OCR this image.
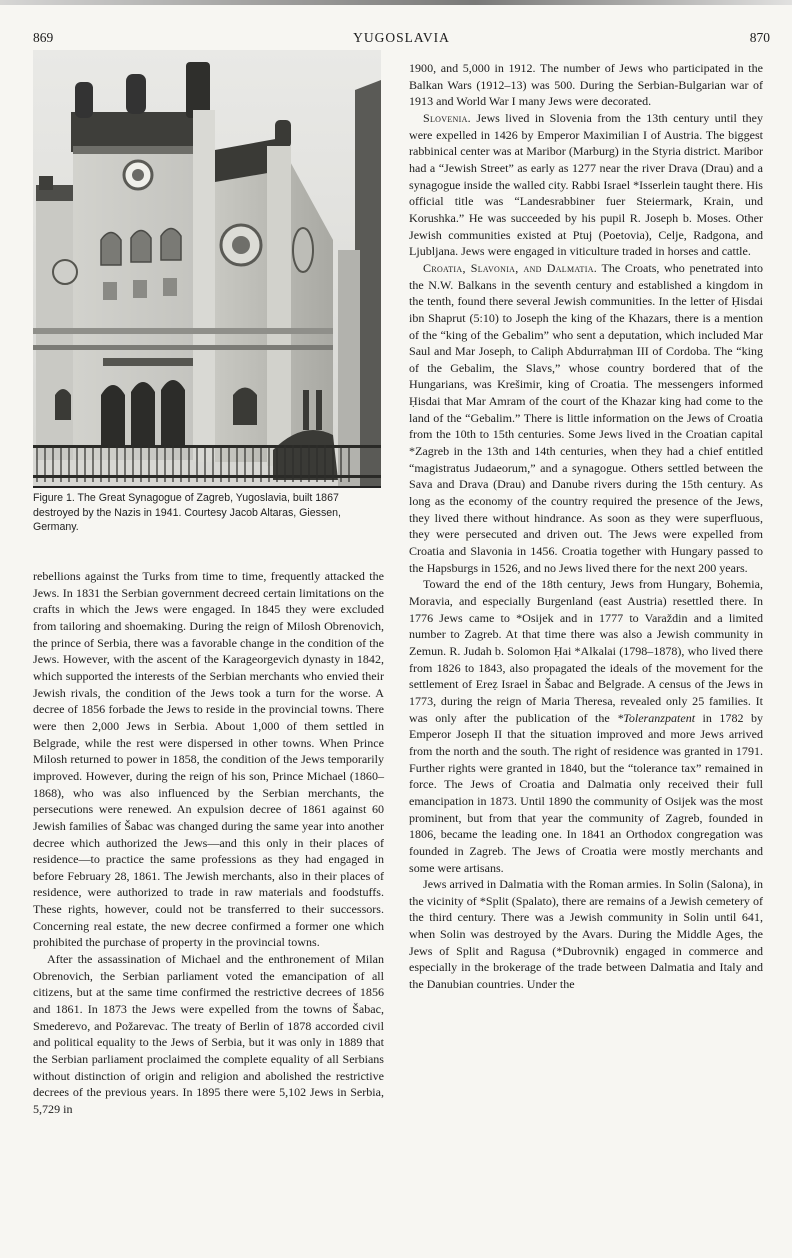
869	YUGOSLAVIA	870
Figure 1. The Great Synagogue of Zagreb, Yugoslavia, built 1867 destroyed by the Nazis in 1941. Courtesy Jacob Altaras, Giessen, Germany.

rebellions against the Turks from time to time, frequently attacked the Jews. In 1831 the Serbian government decreed certain limitations on the crafts in which the Jews were engaged. In 1845 they were excluded from tailoring and shoemaking. During the reign of Milosh Obrenovich, the prince of Serbia, there was a favorable change in the condition of the Jews. However, with the ascent of the Karageorgevich dynasty in 1842, which supported the interests of the Serbian merchants who envied their Jewish rivals, the condition of the Jews took a turn for the worse. A decree of 1856 forbade the Jews to reside in the provincial towns. There were then 2,000 Jews in Serbia. About 1,000 of them settled in Belgrade, while the rest were dispersed in other towns. When Prince Milosh returned to power in 1858, the condition of the Jews temporarily improved. However, during the reign of his son, Prince Michael (1860–1868), who was also influenced by the Serbian merchants, the persecutions were renewed. An expulsion decree of 1861 against 60 Jewish families of Šabac was changed during the same year into another decree which authorized the Jews—and this only in their places of residence—to practice the same professions as they had engaged in before February 28, 1861. The Jewish merchants, also in their places of residence, were authorized to trade in raw materials and foodstuffs. These rights, however, could not be transferred to their successors. Concerning real estate, the new decree confirmed a former one which prohibited the purchase of property in the provincial towns.

After the assassination of Michael and the enthronement of Milan Obrenovich, the Serbian parliament voted the emancipation of all citizens, but at the same time confirmed the restrictive decrees of 1856 and 1861. In 1873 the Jews were expelled from the towns of Šabac, Smederevo, and Požarevac. The treaty of Berlin of 1878 accorded civil and political equality to the Jews of Serbia, but it was only in 1889 that the Serbian parliament proclaimed the complete equality of all Serbians without distinction of origin and religion and abolished the restrictive decrees of the previous years. In 1895 there were 5,102 Jews in Serbia, 5,729 in

1900, and 5,000 in 1912. The number of Jews who participated in the Balkan Wars (1912–13) was 500. During the Serbian-Bulgarian war of 1913 and World War I many Jews were decorated.

Slovenia. Jews lived in Slovenia from the 13th century until they were expelled in 1426 by Emperor Maximilian I of Austria. The biggest rabbinical center was at Maribor (Marburg) in the Styria district. Maribor had a “Jewish Street” as early as 1277 near the river Drava (Drau) and a synagogue inside the walled city. Rabbi Israel *Isserlein taught there. His official title was “Landesrabbiner fuer Steiermark, Krain, und Korushka.” He was succeeded by his pupil R. Joseph b. Moses. Other Jewish communities existed at Ptuj (Poetovia), Celje, Radgona, and Ljubljana. Jews were engaged in viticulture traded in horses and cattle.

Croatia, Slavonia, and Dalmatia. The Croats, who penetrated into the N.W. Balkans in the seventh century and established a kingdom in the tenth, found there several Jewish communities. In the letter of Ḥisdai ibn Shaprut (5:10) to Joseph the king of the Khazars, there is a mention of the “king of the Gebalim” who sent a deputation, which included Mar Saul and Mar Joseph, to Caliph Abdurraḥman III of Cordoba. The “king of the Gebalim, the Slavs,” whose country bordered that of the Hungarians, was Krešimir, king of Croatia. The messengers informed Ḥisdai that Mar Amram of the court of the Khazar king had come to the land of the “Gebalim.” There is little information on the Jews of Croatia from the 10th to 15th centuries. Some Jews lived in the Croatian capital *Zagreb in the 13th and 14th centuries, when they had a chief entitled “magistratus Judaeorum,” and a synagogue. Others settled between the Sava and Drava (Drau) and Danube rivers during the 15th century. As long as the economy of the country required the presence of the Jews, they lived there without hindrance. As soon as they were superfluous, they were persecuted and driven out. The Jews were expelled from Croatia and Slavonia in 1456. Croatia together with Hungary passed to the Hapsburgs in 1526, and no Jews lived there for the next 200 years.

Toward the end of the 18th century, Jews from Hungary, Bohemia, Moravia, and especially Burgenland (east Austria) resettled there. In 1776 Jews came to *Osijek and in 1777 to Varaždin and a limited number to Zagreb. At that time there was also a Jewish community in Zemun. R. Judah b. Solomon Ḥai *Alkalai (1798–1878), who lived there from 1826 to 1843, also propagated the ideals of the movement for the settlement of Ereẓ Israel in Šabac and Belgrade. A census of the Jews in 1773, during the reign of Maria Theresa, revealed only 25 families. It was only after the publication of the *Toleranzpatent in 1782 by Emperor Joseph II that the situation improved and more Jews arrived from the north and the south. The right of residence was granted in 1791. Further rights were granted in 1840, but the “tolerance tax” remained in force. The Jews of Croatia and Dalmatia only received their full emancipation in 1873. Until 1890 the community of Osijek was the most prominent, but from that year the community of Zagreb, founded in 1806, became the leading one. In 1841 an Orthodox congregation was founded in Zagreb. The Jews of Croatia were mostly merchants and some were artisans.

Jews arrived in Dalmatia with the Roman armies. In Solin (Salona), in the vicinity of *Split (Spalato), there are remains of a Jewish cemetery of the third century. There was a Jewish community in Solin until 641, when Solin was destroyed by the Avars. During the Middle Ages, the Jews of Split and Ragusa (*Dubrovnik) engaged in commerce and especially in the brokerage of the trade between Dalmatia and Italy and the Danubian countries. Under the
